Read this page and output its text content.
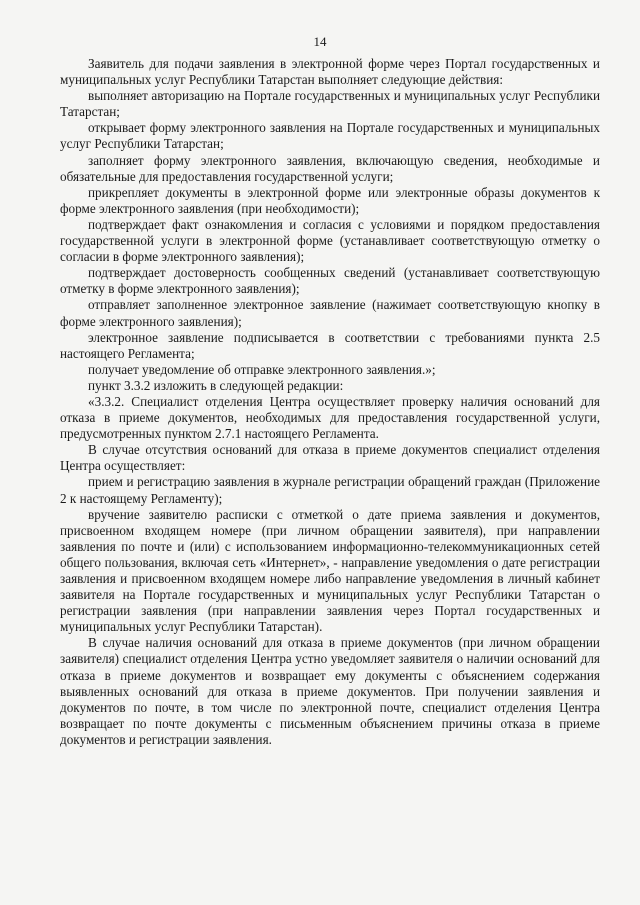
14

Заявитель для подачи заявления в электронной форме через Портал государственных и муниципальных услуг Республики Татарстан выполняет следующие действия:

выполняет авторизацию на Портале государственных и муниципальных услуг Республики Татарстан;

открывает форму электронного заявления на Портале государственных и муниципальных услуг Республики Татарстан;

заполняет форму электронного заявления, включающую сведения, необходимые и обязательные для предоставления государственной услуги;

прикрепляет документы в электронной форме или электронные образы документов к форме электронного заявления (при необходимости);

подтверждает факт ознакомления и согласия с условиями и порядком предоставления государственной услуги в электронной форме (устанавливает соответствующую отметку о согласии в форме электронного заявления);

подтверждает достоверность сообщенных сведений (устанавливает соответствующую отметку в форме электронного заявления);

отправляет заполненное электронное заявление (нажимает соответствующую кнопку в форме электронного заявления);

электронное заявление подписывается в соответствии с требованиями пункта 2.5 настоящего Регламента;

получает уведомление об отправке электронного заявления.»;

пункт 3.3.2 изложить в следующей редакции:

«3.3.2. Специалист отделения Центра осуществляет проверку наличия оснований для отказа в приеме документов, необходимых для предоставления государственной услуги, предусмотренных пунктом 2.7.1 настоящего Регламента.

В случае отсутствия оснований для отказа в приеме документов специалист отделения Центра осуществляет:

прием и регистрацию заявления в журнале регистрации обращений граждан (Приложение 2 к настоящему Регламенту);

вручение заявителю расписки с отметкой о дате приема заявления и документов, присвоенном входящем номере (при личном обращении заявителя), при направлении заявления по почте и (или) с использованием информационно-телекоммуникационных сетей общего пользования, включая сеть «Интернет», - направление уведомления о дате регистрации заявления и присвоенном входящем номере либо направление уведомления в личный кабинет заявителя на Портале государственных и муниципальных услуг Республики Татарстан о регистрации заявления (при направлении заявления через Портал государственных и муниципальных услуг Республики Татарстан).

В случае наличия оснований для отказа в приеме документов (при личном обращении заявителя) специалист отделения Центра устно уведомляет заявителя о наличии оснований для отказа в приеме документов и возвращает ему документы с объяснением содержания выявленных оснований для отказа в приеме документов. При получении заявления и документов по почте, в том числе по электронной почте, специалист отделения Центра возвращает по почте документы с письменным объяснением причины отказа в приеме документов и регистрации заявления.
